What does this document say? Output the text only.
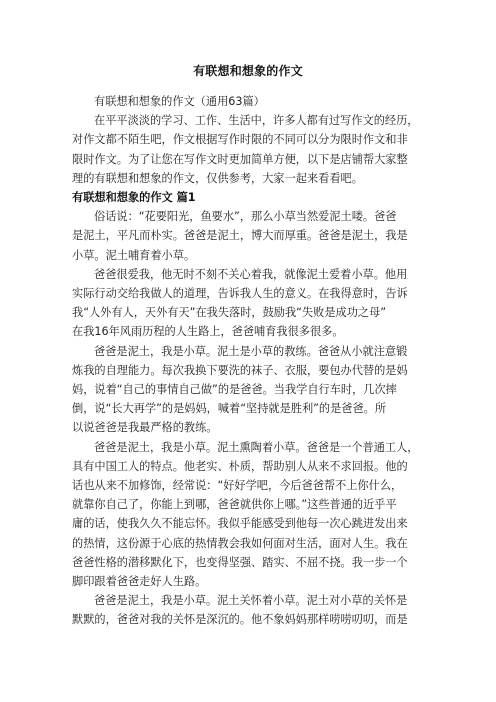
有联想和想象的作文

有联想和想象的作文（通用63篇）

在平平淡淡的学习、工作、生活中，许多人都有过写作文的经历，
对作文都不陌生吧，作文根据写作时限的不同可以分为限时作文和非
限时作文。为了让您在写作文时更加简单方便，以下是店铺帮大家整
理的有联想和想象的作文，仅供参考，大家一起来看看吧。

有联想和想象的作文 篇1

俗话说：“花要阳光，鱼要水”，那么小草当然爱泥土喽。爸爸
是泥土，平凡而朴实。爸爸是泥土，博大而厚重。爸爸是泥土，我是
小草。泥土哺育着小草。
爸爸很爱我，他无时不刻不关心着我，就像泥土爱着小草。他用
实际行动交给我做人的道理，告诉我人生的意义。在我得意时，告诉
我“人外有人，天外有天”在我失落时，鼓励我“失败是成功之母”
在我16年风雨历程的人生路上，爸爸哺育我很多很多。
爸爸是泥土，我是小草。泥土是小草的教练。爸爸从小就注意锻
炼我的自理能力。每次我换下要洗的袜子、衣服，要包办代替的是妈
妈，说着“自己的事情自己做”的是爸爸。当我学自行车时，几次摔
倒，说“长大再学”的是妈妈，喊着“坚持就是胜利”的是爸爸。所
以说爸爸是我最严格的教练。
爸爸是泥土，我是小草。泥土熏陶着小草。爸爸是一个普通工人，
具有中国工人的特点。他老实、朴质，帮助别人从来不求回报。他的
话也从来不加修饰，经常说：“好好学吧，今后爸爸帮不上你什么，
就靠你自己了，你能上到哪，爸爸就供你上哪。”这些普通的近乎平
庸的话，使我久久不能忘怀。我似乎能感受到他每一次心跳进发出来
的热情，这份源于心底的热情教会我如何面对生活，面对人生。我在
爸爸性格的潜移默化下，也变得坚强、踏实、不屈不挠。我一步一个
脚印跟着爸爸走好人生路。
爸爸是泥土，我是小草。泥土关怀着小草。泥土对小草的关怀是
默默的，爸爸对我的关怀是深沉的。他不象妈妈那样唠唠叨叨，而是
